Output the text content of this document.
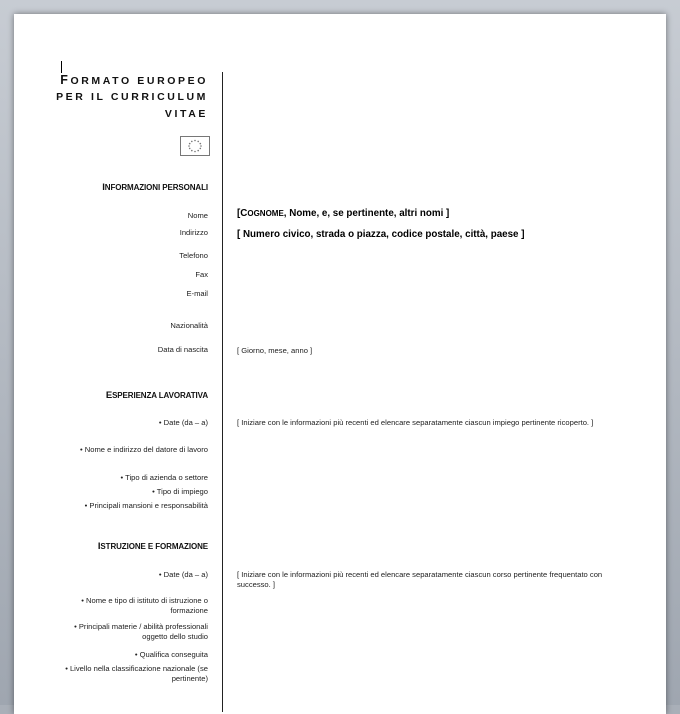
FORMATO EUROPEO
PER IL CURRICULUM
VITAE
INFORMAZIONI PERSONALI
Nome
Indirizzo
Telefono
Fax
E-mail
Nazionalità
Data di nascita
[COGNOME, Nome, e, se pertinente, altri nomi ]
[ Numero civico, strada o piazza, codice postale, città, paese ]
[ Giorno, mese, anno ]
ESPERIENZA LAVORATIVA
• Date (da – a)
• Nome e indirizzo del datore di lavoro
• Tipo di azienda o settore
• Tipo di impiego
• Principali mansioni e responsabilità
[ Iniziare con le informazioni più recenti ed elencare separatamente ciascun impiego pertinente ricoperto. ]
ISTRUZIONE E FORMAZIONE
• Date (da – a)
• Nome e tipo di istituto di istruzione o formazione
• Principali materie / abilità professionali oggetto dello studio
• Qualifica conseguita
• Livello nella classificazione nazionale (se pertinente)
[ Iniziare con le informazioni più recenti ed elencare separatamente ciascun corso pertinente frequentato con successo. ]
